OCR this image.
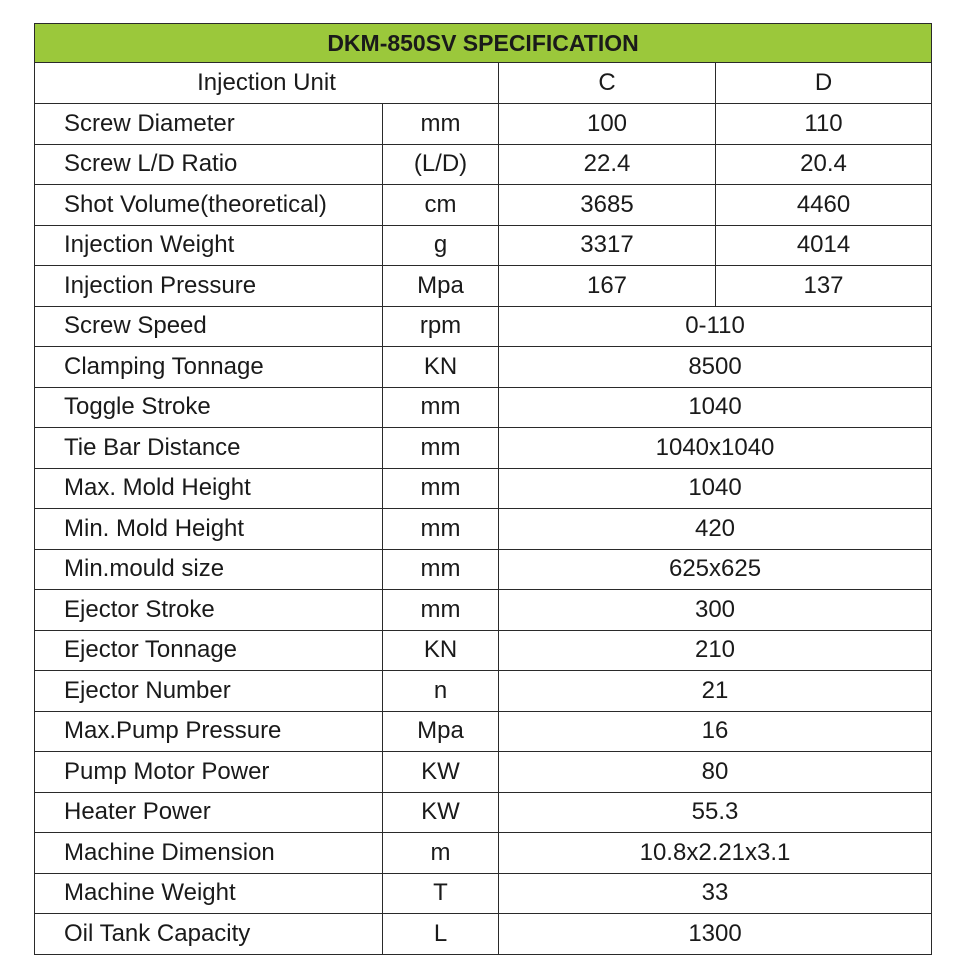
DKM-850SV SPECIFICATION			
Injection Unit		C	D
Screw Diameter	mm	100	110
Screw L/D Ratio	(L/D)	22.4	20.4
Shot Volume(theoretical)	cm	3685	4460
Injection Weight	g	3317	4014
Injection Pressure	Mpa	167	137
Screw Speed	rpm	0-110	
Clamping Tonnage	KN	8500	
Toggle Stroke	mm	1040	
Tie Bar Distance	mm	1040x1040	
Max. Mold Height	mm	1040	
Min. Mold Height	mm	420	
Min.mould size	mm	625x625	
Ejector Stroke	mm	300	
Ejector Tonnage	KN	210	
Ejector Number	n	21	
Max.Pump Pressure	Mpa	16	
Pump Motor Power	KW	80	
Heater Power	KW	55.3	
Machine Dimension	m	10.8x2.21x3.1	
Machine Weight	T	33	
Oil Tank Capacity	L	1300	
